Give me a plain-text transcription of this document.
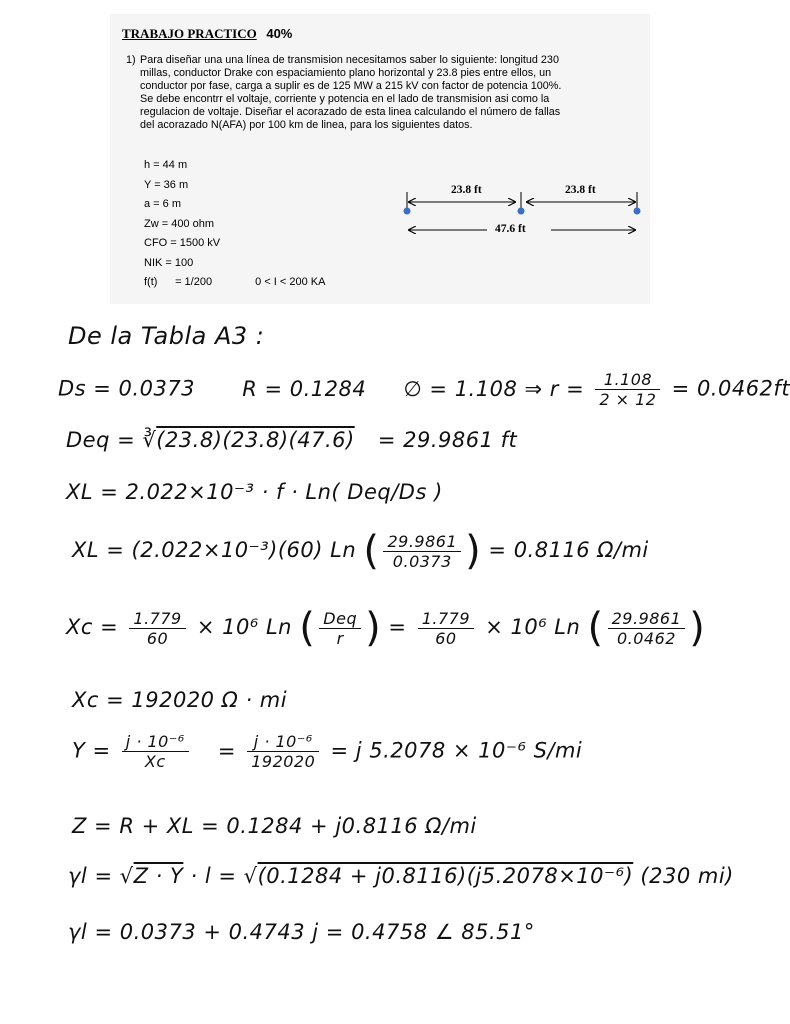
TRABAJO PRACTICO 40%
1) Para diseñar una una línea de transmision necesitamos saber lo siguiente: longitud 230
millas, conductor Drake con espaciamiento plano horizontal y 23.8 pies entre ellos, un
conductor por fase, carga a suplir es de 125 MW a 215 kV con factor de potencia 100%.
Se debe encontrr el voltaje, corriente y potencia en el lado de transmision asi como la
regulacion de voltaje. Diseñar el acorazado de esta linea calculando el número de fallas
del acorazado N(AFA) por 100 km de linea, para los siguientes datos.
h = 44 m
Y = 36 m
a = 6 m
Zw = 400 ohm
CFO = 1500 kV
NIK = 100
f(t) = 1/200	0 < I < 200 KA
23.8 ft	23.8 ft
47.6 ft
De la Tabla A3 :
Ds = 0.0373 R = 0.1284 ∅ = 1.108 ⇒ $r = \frac{1.108}{2 \times 12} = 0.0462ft$
Deq = ∛(23.8)(23.8)(47.6) = 29.9861 ft
XL = 2.022×10⁻³ · f · Ln( Deq/Ds )
XL = (2.022×10⁻³)(60) Ln ( $\frac{29.9861}{0.0373}$ ) = 0.8116 Ω/mi
$Xc = \frac{1.779}{60} \times 10^6$ Ln ( $\frac{\text{Deq}}{r}$ ) = $\frac{1.779}{60} \times 10^6$ Ln ( $\frac{29.9861}{0.0462}$ )
Xc = 192020 Ω · mi
$Y = \frac{\text{j · 10⁻⁶}}{Xc} = \frac{\text{j · 10⁻⁶}}{192020} = j$ 5.2078 × 10⁻⁶ S/mi
Z = R + XL = 0.1284 + j0.8116 Ω/mi
γl = √Z · Y · l = √(0.1284 + j0.8116)(j5.2078×10⁻⁶) (230 mi)
γl = 0.0373 + 0.4743 j = 0.4758 ∠ 85.51°
